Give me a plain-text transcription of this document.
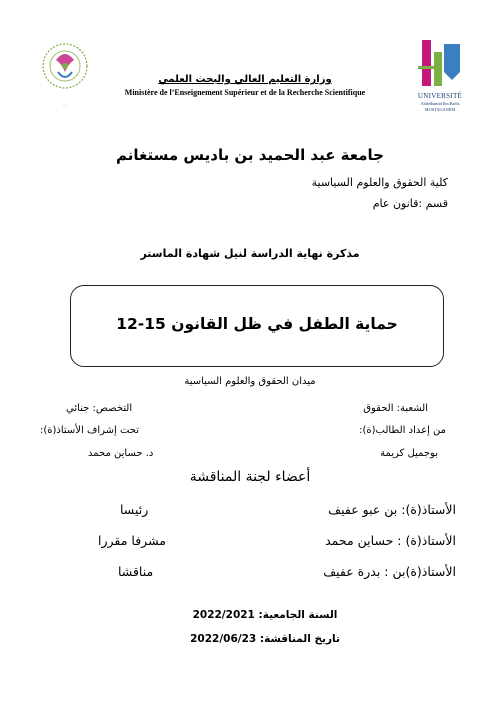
...
UNIVERSITÉ
Abdelhamid Ibn Badis
MOSTAGANEM
وزارة التعليم العالي والبحث العلمي
Ministère de l’Enseignement Supérieur et de la Recherche Scientifique
جامعة عبد الحميد بن باديس مستغانم
كلية الحقوق والعلوم السياسية
قسم :قانون عام
مذكرة نهاية الدراسة لنيل شهادة الماستر
حماية الطفل في ظل القانون 15-12
ميدان الحقوق والعلوم السياسية
الشعبة: الحقوق
التخصص: جنائي
من إعداد الطالب(ة):
تحت إشراف الأستاذ(ة):
بوجميل كريمة
د. حساين محمد
أعضاء لجنة المناقشة
الأستاذ(ة): بن عبو عفيف
رئيسا
الأستاذ(ة) : حساين محمد
مشرفا مقررا
الأستاذ(ة)بن : بدرة عفيف
مناقشا
السنة الجامعية: 2022/2021
تاريخ المناقشة: 2022/06/23
